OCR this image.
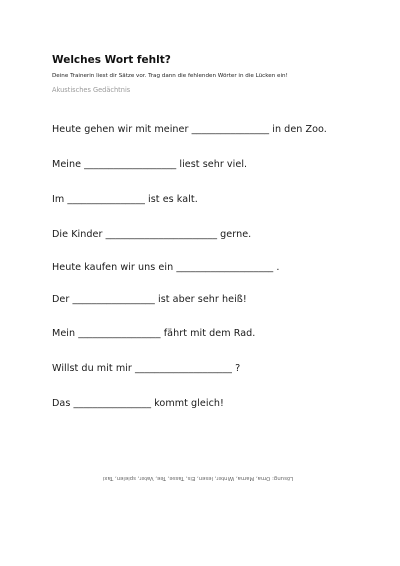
Welches Wort fehlt?
Deine Trainerin liest dir Sätze vor. Trag dann die fehlenden Wörter in die Lücken ein!
Akustisches Gedächtnis
Heute gehen wir mit meiner ________________ in den Zoo.
Meine ___________________ liest sehr viel.
Im ________________ ist es kalt.
Die Kinder _______________________ gerne.
Heute kaufen wir uns ein ____________________ .
Der _________________ ist aber sehr heiß!
Mein _________________ fährt mit dem Rad.
Willst du mit mir ____________________ ?
Das ________________ kommt gleich!
Lösung: Oma, Mama, Winter, lesen, Eis, Tasse, Tee, Vater, spielen, Taxi
